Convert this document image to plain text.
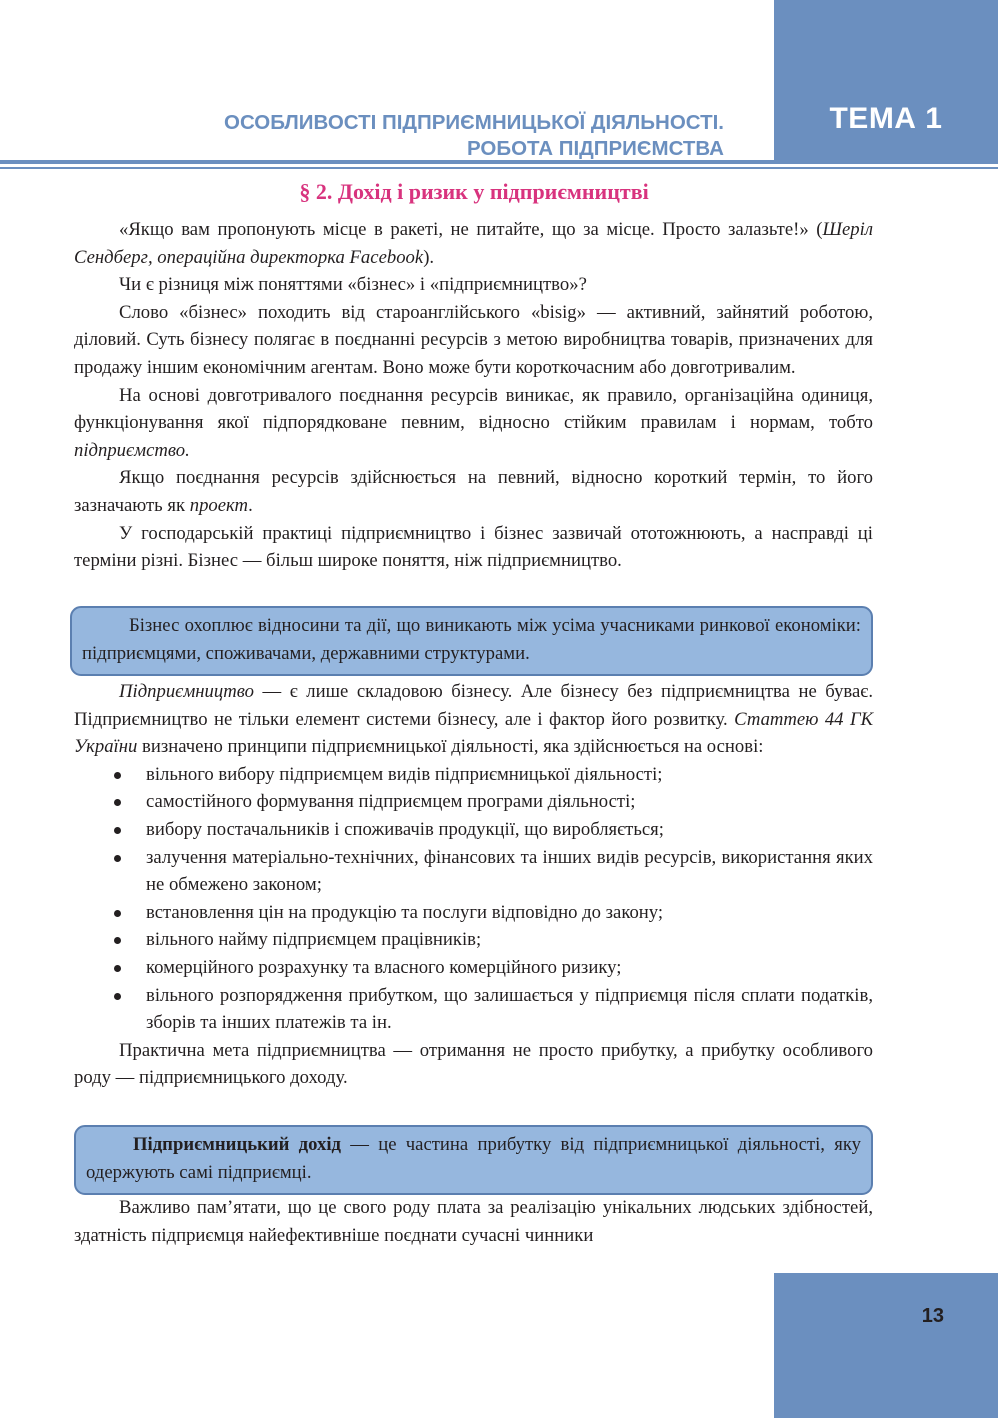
ТЕМА 1
ОСОБЛИВОСТІ ПІДПРИЄМНИЦЬКОЇ ДІЯЛЬНОСТІ.
РОБОТА ПІДПРИЄМСТВА
§ 2. Дохід і ризик у підприємництві

«Якщо вам пропонують місце в ракеті, не питайте, що за місце. Просто залазьте!» (Шеріл Сендберг, операційна директорка Facebook).

Чи є різниця між поняттями «бізнес» і «підприємництво»?

Слово «бізнес» походить від староанглійського «bisig» — активний, зайнятий роботою, діловий. Суть бізнесу полягає в поєднанні ресурсів з метою виробництва товарів, призначених для продажу іншим економічним агентам. Воно може бути короткочасним або довготривалим.

На основі довготривалого поєднання ресурсів виникає, як правило, організаційна одиниця, функціонування якої підпорядковане певним, відносно стійким правилам і нормам, тобто підприємство.

Якщо поєднання ресурсів здійснюється на певний, відносно короткий термін, то його зазначають як проект.

У господарській практиці підприємництво і бізнес зазвичай ототожнюють, а насправді ці терміни різні. Бізнес — більш широке поняття, ніж підприємництво.

Бізнес охоплює відносини та дії, що виникають між усіма учасниками ринкової економіки: підприємцями, споживачами, державними структурами.

Підприємництво — є лише складовою бізнесу. Але бізнесу без підприємництва не буває. Підприємництво не тільки елемент системи бізнесу, але і фактор його розвитку. Статтею 44 ГК України визначено принципи підприємницької діяльності, яка здійснюється на основі:

вільного вибору підприємцем видів підприємницької діяльності;
самостійного формування підприємцем програми діяльності;
вибору постачальників і споживачів продукції, що виробляється;
залучення матеріально-технічних, фінансових та інших видів ресурсів, використання яких не обмежено законом;
встановлення цін на продукцію та послуги відповідно до закону;
вільного найму підприємцем працівників;
комерційного розрахунку та власного комерційного ризику;
вільного розпорядження прибутком, що залишається у підприємця після сплати податків, зборів та інших платежів та ін.

Практична мета підприємництва — отримання не просто прибутку, а прибутку особливого роду — підприємницького доходу.

Підприємницький дохід — це частина прибутку від підприємницької діяльності, яку одержують самі підприємці.

Важливо пам’ятати, що це свого роду плата за реалізацію унікальних людських здібностей, здатність підприємця найефективніше поєднати сучасні чинники

13
